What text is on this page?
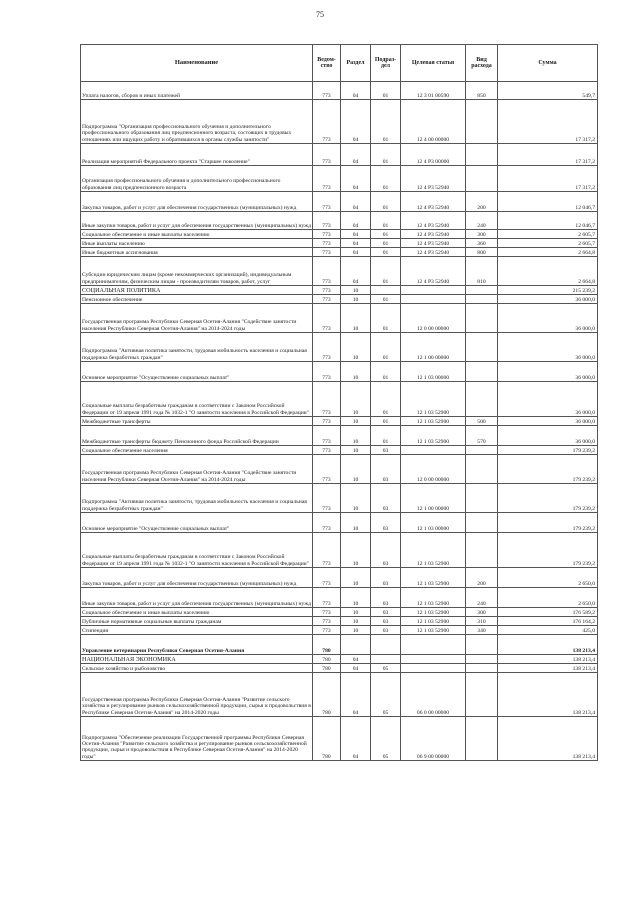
75
Наименование	Ведом-ство	Раздел	Подраз-дел	Целевая статья	Вид расхода	Сумма
Уплата налогов, сборов и иных платежей	773	04	01	12 3 01 00590	850	549,7
Подпрограмма "Организация профессионального обучения и дополнительного профессионального образования лиц предпенсионного возраста, состоящих в трудовых отношениях или ищущих работу и обратившихся в органы службы занятости"	773	04	01	12 4 00 00000		17 317,2
Реализация мероприятий Федерального проекта "Старшее поколение"	773	04	01	12 4 P3 00000		17 317,2
Организация профессионального обучения и дополнительного профессионального образования лиц предпенсионного возраста	773	04	01	12 4 P3 52940		17 317,2
Закупка товаров, работ и услуг для обеспечения государственных (муниципальных) нужд	773	04	01	12 4 P3 52940	200	12 046,7
Иные закупки товаров, работ и услуг для обеспечения государственных (муниципальных) нужд	773	04	01	12 4 P3 52940	240	12 046,7
Социальное обеспечение и иные выплаты населению	773	04	01	12 4 P3 52940	300	2 605,7
Иные выплаты населению	773	04	01	12 4 P3 52940	360	2 605,7
Иные бюджетные ассигнования	773	04	01	12 4 P3 52940	800	2 664,8
Субсидии юридическим лицам (кроме некоммерческих организаций), индивидуальным предпринимателям, физическим лицам - производителям товаров, работ, услуг	773	04	01	12 4 P3 52940	810	2 664,8
СОЦИАЛЬНАЯ ПОЛИТИКА	773	10				215 239,2
Пенсионное обеспечение	773	10	01			36 000,0
Государственная программа Республики Северная Осетия-Алания "Содействие занятости населения Республики Северная Осетия-Алания" на 2014-2024 годы	773	10	01	12 0 00 00000		36 000,0
Подпрограмма "Активная политика занятости, трудовая мобильность населения и социальная поддержка безработных граждан"	773	10	01	12 1 00 00000		36 000,0
Основное мероприятие "Осуществление социальных выплат"	773	10	01	12 1 03 00000		36 000,0
Социальные выплаты безработным гражданам в соответствии с Законом Российской Федерации от 19 апреля 1991 года № 1032-1 "О занятости населения в Российской Федерации"	773	10	01	12 1 03 52900		36 000,0
Межбюджетные трансферты	773	10	01	12 1 03 52900	500	36 000,0
Межбюджетные трансферты бюджету Пенсионного фонда Российской Федерации	773	10	01	12 1 03 52900	570	36 000,0
Социальное обеспечение населения	773	10	03			179 239,2
Государственная программа Республики Северная Осетия-Алания "Содействие занятости населения Республики Северная Осетия-Алания" на 2014-2024 годы	773	10	03	12 0 00 00000		179 239,2
Подпрограмма "Активная политика занятости, трудовая мобильность населения и социальная поддержка безработных граждан"	773	10	03	12 1 00 00000		179 239,2
Основное мероприятие "Осуществление социальных выплат"	773	10	03	12 1 03 00000		179 239,2
Социальные выплаты безработным гражданам в соответствии с Законом Российской Федерации от 19 апреля 1991 года № 1032-1 "О занятости населения в Российской Федерации"	773	10	03	12 1 03 52900		179 239,2
Закупка товаров, работ и услуг для обеспечения государственных (муниципальных) нужд	773	10	03	12 1 03 52900	200	2 650,0
Иные закупки товаров, работ и услуг для обеспечения государственных (муниципальных) нужд	773	10	03	12 1 03 52900	240	2 650,0
Социальное обеспечение и иные выплаты населению	773	10	03	12 1 03 52900	300	176 589,2
Публичные нормативные социальные выплаты гражданам	773	10	03	12 1 03 52900	310	176 164,2
Стипендии	773	10	03	12 1 03 52900	340	425,0
Управление ветеринарии Республики Северная Осетия-Алания	780					138 213,4
НАЦИОНАЛЬНАЯ ЭКОНОМИКА	780	04				138 213,4
Сельское хозяйство и рыболовство	780	04	05			138 213,4
Государственная программа Республики Северная Осетия-Алания "Развитие сельского хозяйства и регулирование рынков сельскохозяйственной продукции, сырья и продовольствия в Республике Северная Осетия-Алания" на 2014-2020 годы	780	04	05	06 0 00 00000		138 213,4
Подпрограмма "Обеспечение реализации Государственной программы Республики Северная Осетия-Алания "Развитие сельского хозяйства и регулирование рынков сельскохозяйственной продукции, сырья и продовольствия в Республике Северная Осетия-Алания" на 2014-2020 годы"	780	04	05	06 9 00 00000		138 213,4
